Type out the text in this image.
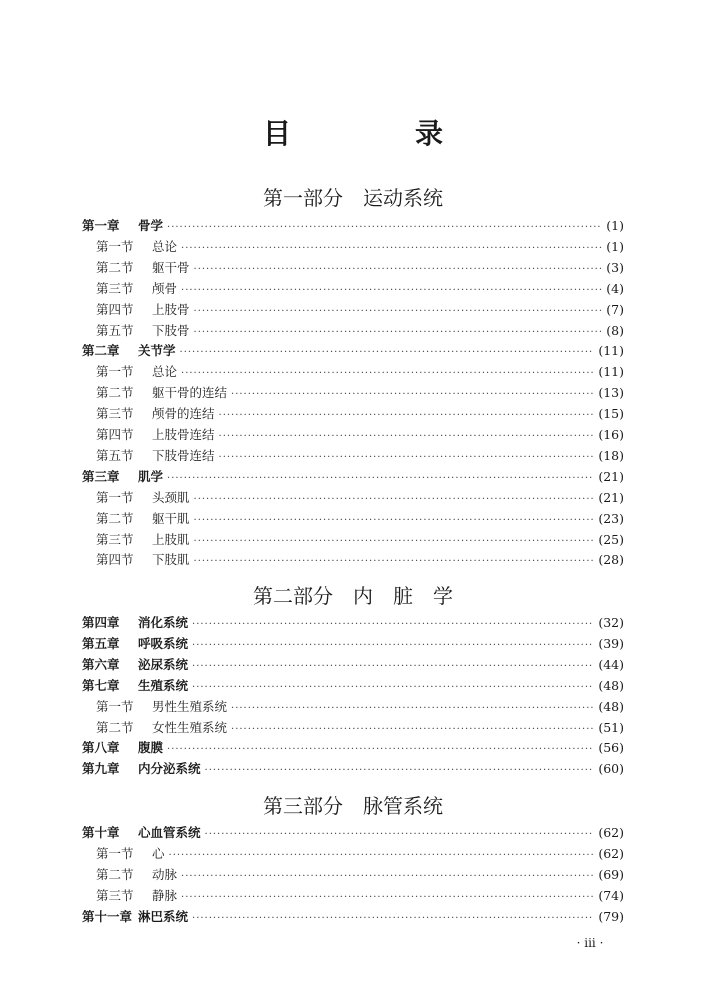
目　录
第一部分　运动系统
第一章	骨学 ·····	(1)
第一节	总论 ·····	(1)
第二节	躯干骨 ·····	(3)
第三节	颅骨 ·····	(4)
第四节	上肢骨 ·····	(7)
第五节	下肢骨 ·····	(8)
第二章	关节学 ·····	(11)
第一节	总论 ·····	(11)
第二节	躯干骨的连结 ·····	(13)
第三节	颅骨的连结 ·····	(15)
第四节	上肢骨连结 ·····	(16)
第五节	下肢骨连结 ·····	(18)
第三章	肌学 ·····	(21)
第一节	头颈肌 ·····	(21)
第二节	躯干肌 ·····	(23)
第三节	上肢肌 ·····	(25)
第四节	下肢肌 ·····	(28)
第二部分　内　脏　学
第四章	消化系统 ·····	(32)
第五章	呼吸系统 ·····	(39)
第六章	泌尿系统 ·····	(44)
第七章	生殖系统 ·····	(48)
第一节	男性生殖系统 ·····	(48)
第二节	女性生殖系统 ·····	(51)
第八章	腹膜 ·····	(56)
第九章	内分泌系统 ·····	(60)
第三部分　脉管系统
第十章	心血管系统 ·····	(62)
第一节	心 ·····	(62)
第二节	动脉 ·····	(69)
第三节	静脉 ·····	(74)
第十一章 淋巴系统 ·····	(79)
· iii ·
